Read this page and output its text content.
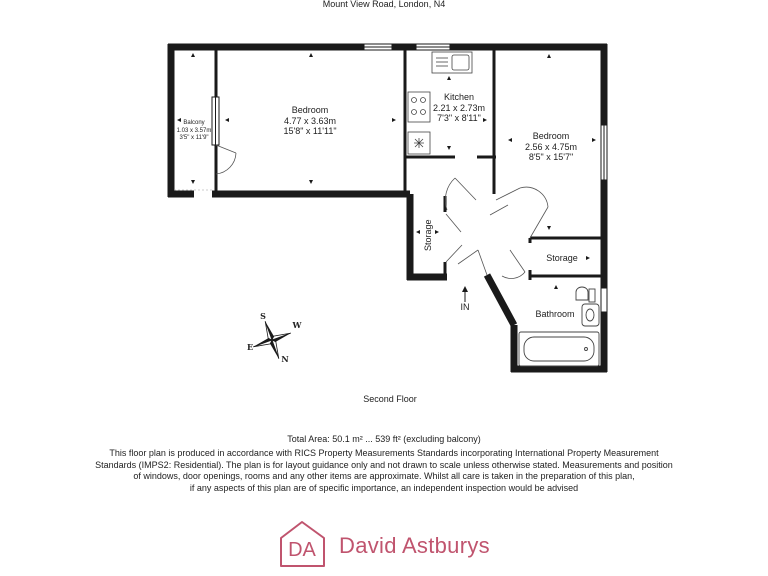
Mount View Road, London, N4
Bedroom
4.77 x 3.63m
15'8" x 11'11"
Balcony
1.03 x 3.57m
3'5" x 11'9"
Kitchen
2.21 x 2.73m
7'3" x 8'11"
Bedroom
2.56 x 4.75m
8'5" x 15'7"
Storage
Storage
Bathroom
IN
S
W
E
N
Second Floor
Total Area: 50.1 m² ... 539 ft² (excluding balcony)
This floor plan is produced in accordance with RICS Property Measurements Standards incorporating International Property Measurement
Standards (IMPS2: Residential). The plan is for layout guidance only and not drawn to scale unless otherwise stated. Measurements and position
of windows, door openings, rooms and any other items are approximate. Whilst all care is taken in the preparation of this plan,
if any aspects of this plan are of specific importance, an independent inspection would be advised
DA David Astburys
